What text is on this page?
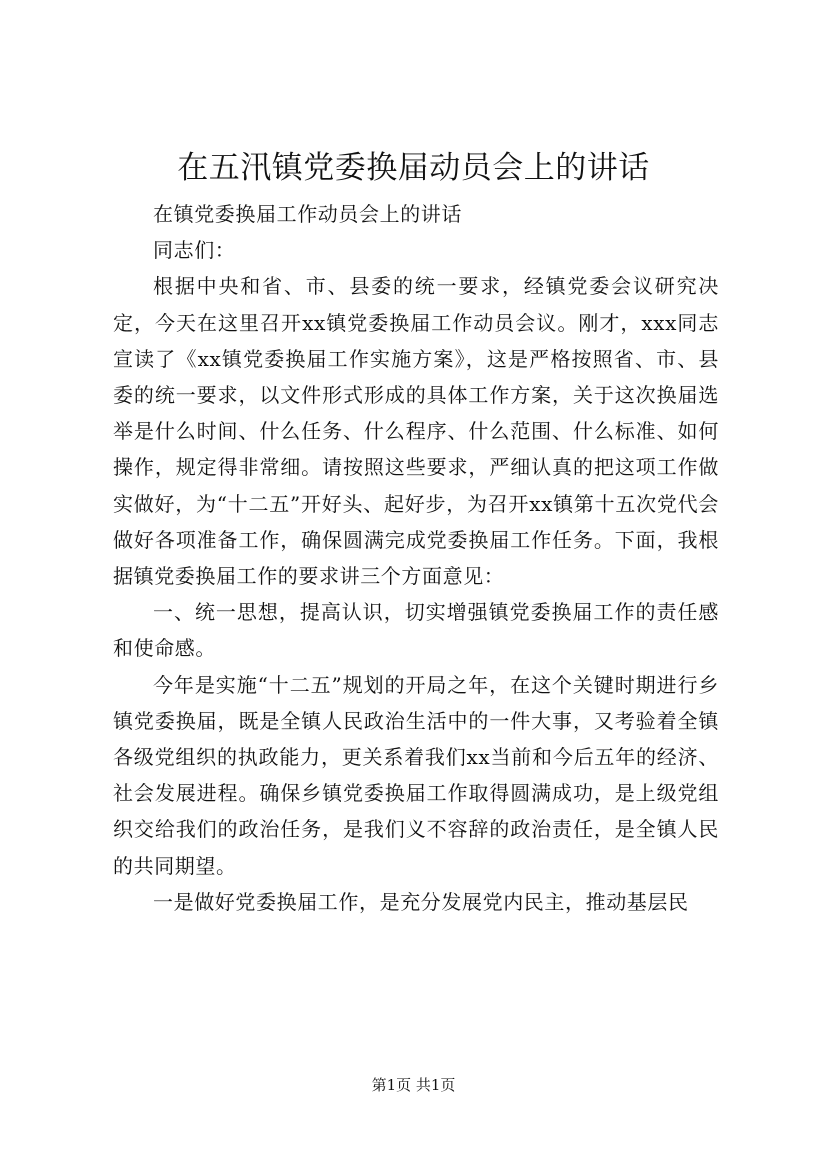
在五汛镇党委换届动员会上的讲话

在镇党委换届工作动员会上的讲话

同志们：

根据中央和省、市、县委的统一要求，经镇党委会议研究决定，今天在这里召开xx镇党委换届工作动员会议。刚才，xxx同志宣读了《xx镇党委换届工作实施方案》，这是严格按照省、市、县委的统一要求，以文件形式形成的具体工作方案，关于这次换届选举是什么时间、什么任务、什么程序、什么范围、什么标准、如何操作，规定得非常细。请按照这些要求，严细认真的把这项工作做实做好，为“十二五”开好头、起好步，为召开xx镇第十五次党代会做好各项准备工作，确保圆满完成党委换届工作任务。下面，我根据镇党委换届工作的要求讲三个方面意见：

一、统一思想，提高认识，切实增强镇党委换届工作的责任感和使命感。

今年是实施“十二五”规划的开局之年，在这个关键时期进行乡镇党委换届，既是全镇人民政治生活中的一件大事，又考验着全镇各级党组织的执政能力，更关系着我们xx当前和今后五年的经济、社会发展进程。确保乡镇党委换届工作取得圆满成功，是上级党组织交给我们的政治任务，是我们义不容辞的政治责任，是全镇人民的共同期望。

一是做好党委换届工作，是充分发展党内民主，推动基层民

第1页 共1页
